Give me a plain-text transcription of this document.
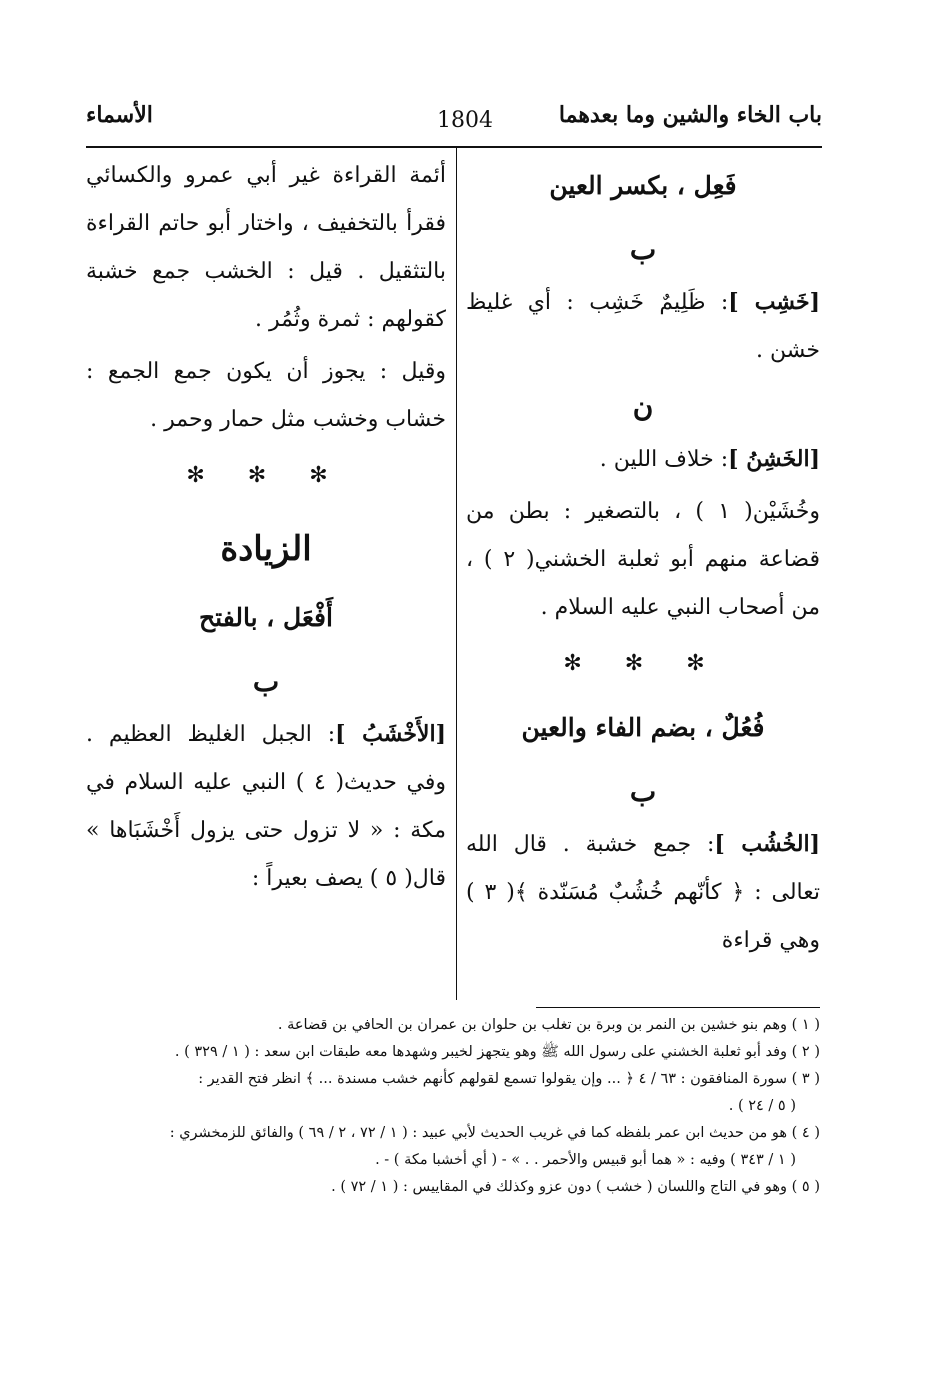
الأسماء	1804	باب الخاء والشين وما بعدهما
فَعِل ، بكسر العين
ب

[خَشِب ]: ظَلِيمٌ خَشِب : أي غليظ خشن .

ن

[الخَشِنُ ]: خلاف اللين .

وخُشَيْن( ١ ) ، بالتصغير : بطن من قضاعة منهم أبو ثعلبة الخشني( ٢ ) ، من أصحاب النبي عليه السلام .

✻ ✻ ✻
فُعُلٌ ، بضم الفاء والعين
ب

[الخُشُب ]: جمع خشبة . قال الله تعالى : ﴿ كأنّهم خُشُبٌ مُسَنّدة ﴾( ٣ ) وهي قراءة

أئمة القراءة غير أبي عمرو والكسائي فقرأ بالتخفيف ، واختار أبو حاتم القراءة بالتثقيل . قيل : الخشب جمع خشبة كقولهم : ثمرة وثُمُر .

وقيل : يجوز أن يكون جمع الجمع : خشاب وخشب مثل حمار وحمر .

✻ ✻ ✻
الزيادة
أَفْعَل ، بالفتح
ب

[الأَخْشَبُ ]: الجبل الغليظ العظيم . وفي حديث( ٤ ) النبي عليه السلام في مكة : « لا تزول حتى يزول أَخْشَبَاها » قال( ٥ ) يصف بعيراً :

( ١ ) وهم بنو خشين بن النمر بن وبرة بن تغلب بن حلوان بن عمران بن الحافي بن قضاعة .

( ٢ ) وفد أبو ثعلبة الخشني على رسول الله ﷺ وهو يتجهز لخيبر وشهدها معه طبقات ابن سعد : ( ١ / ٣٢٩ ) .

( ٣ ) سورة المنافقون : ٦٣ / ٤ ﴿ ... وإن يقولوا تسمع لقولهم كأنهم خشب مسندة ... ﴾ انظر فتح القدير :

( ٥ / ٢٤ ) .

( ٤ ) هو من حديث ابن عمر بلفظه كما في غريب الحديث لأبي عبيد : ( ١ / ٧٢ ، ٢ / ٦٩ ) والفائق للزمخشري :

( ١ / ٣٤٣ ) وفيه : « هما أبو قبيس والأحمر . . » - ( أي أخشبا مكة ) - .

( ٥ ) وهو في التاج واللسان ( خشب ) دون عزو وكذلك في المقاييس : ( ١ / ٧٢ ) .
